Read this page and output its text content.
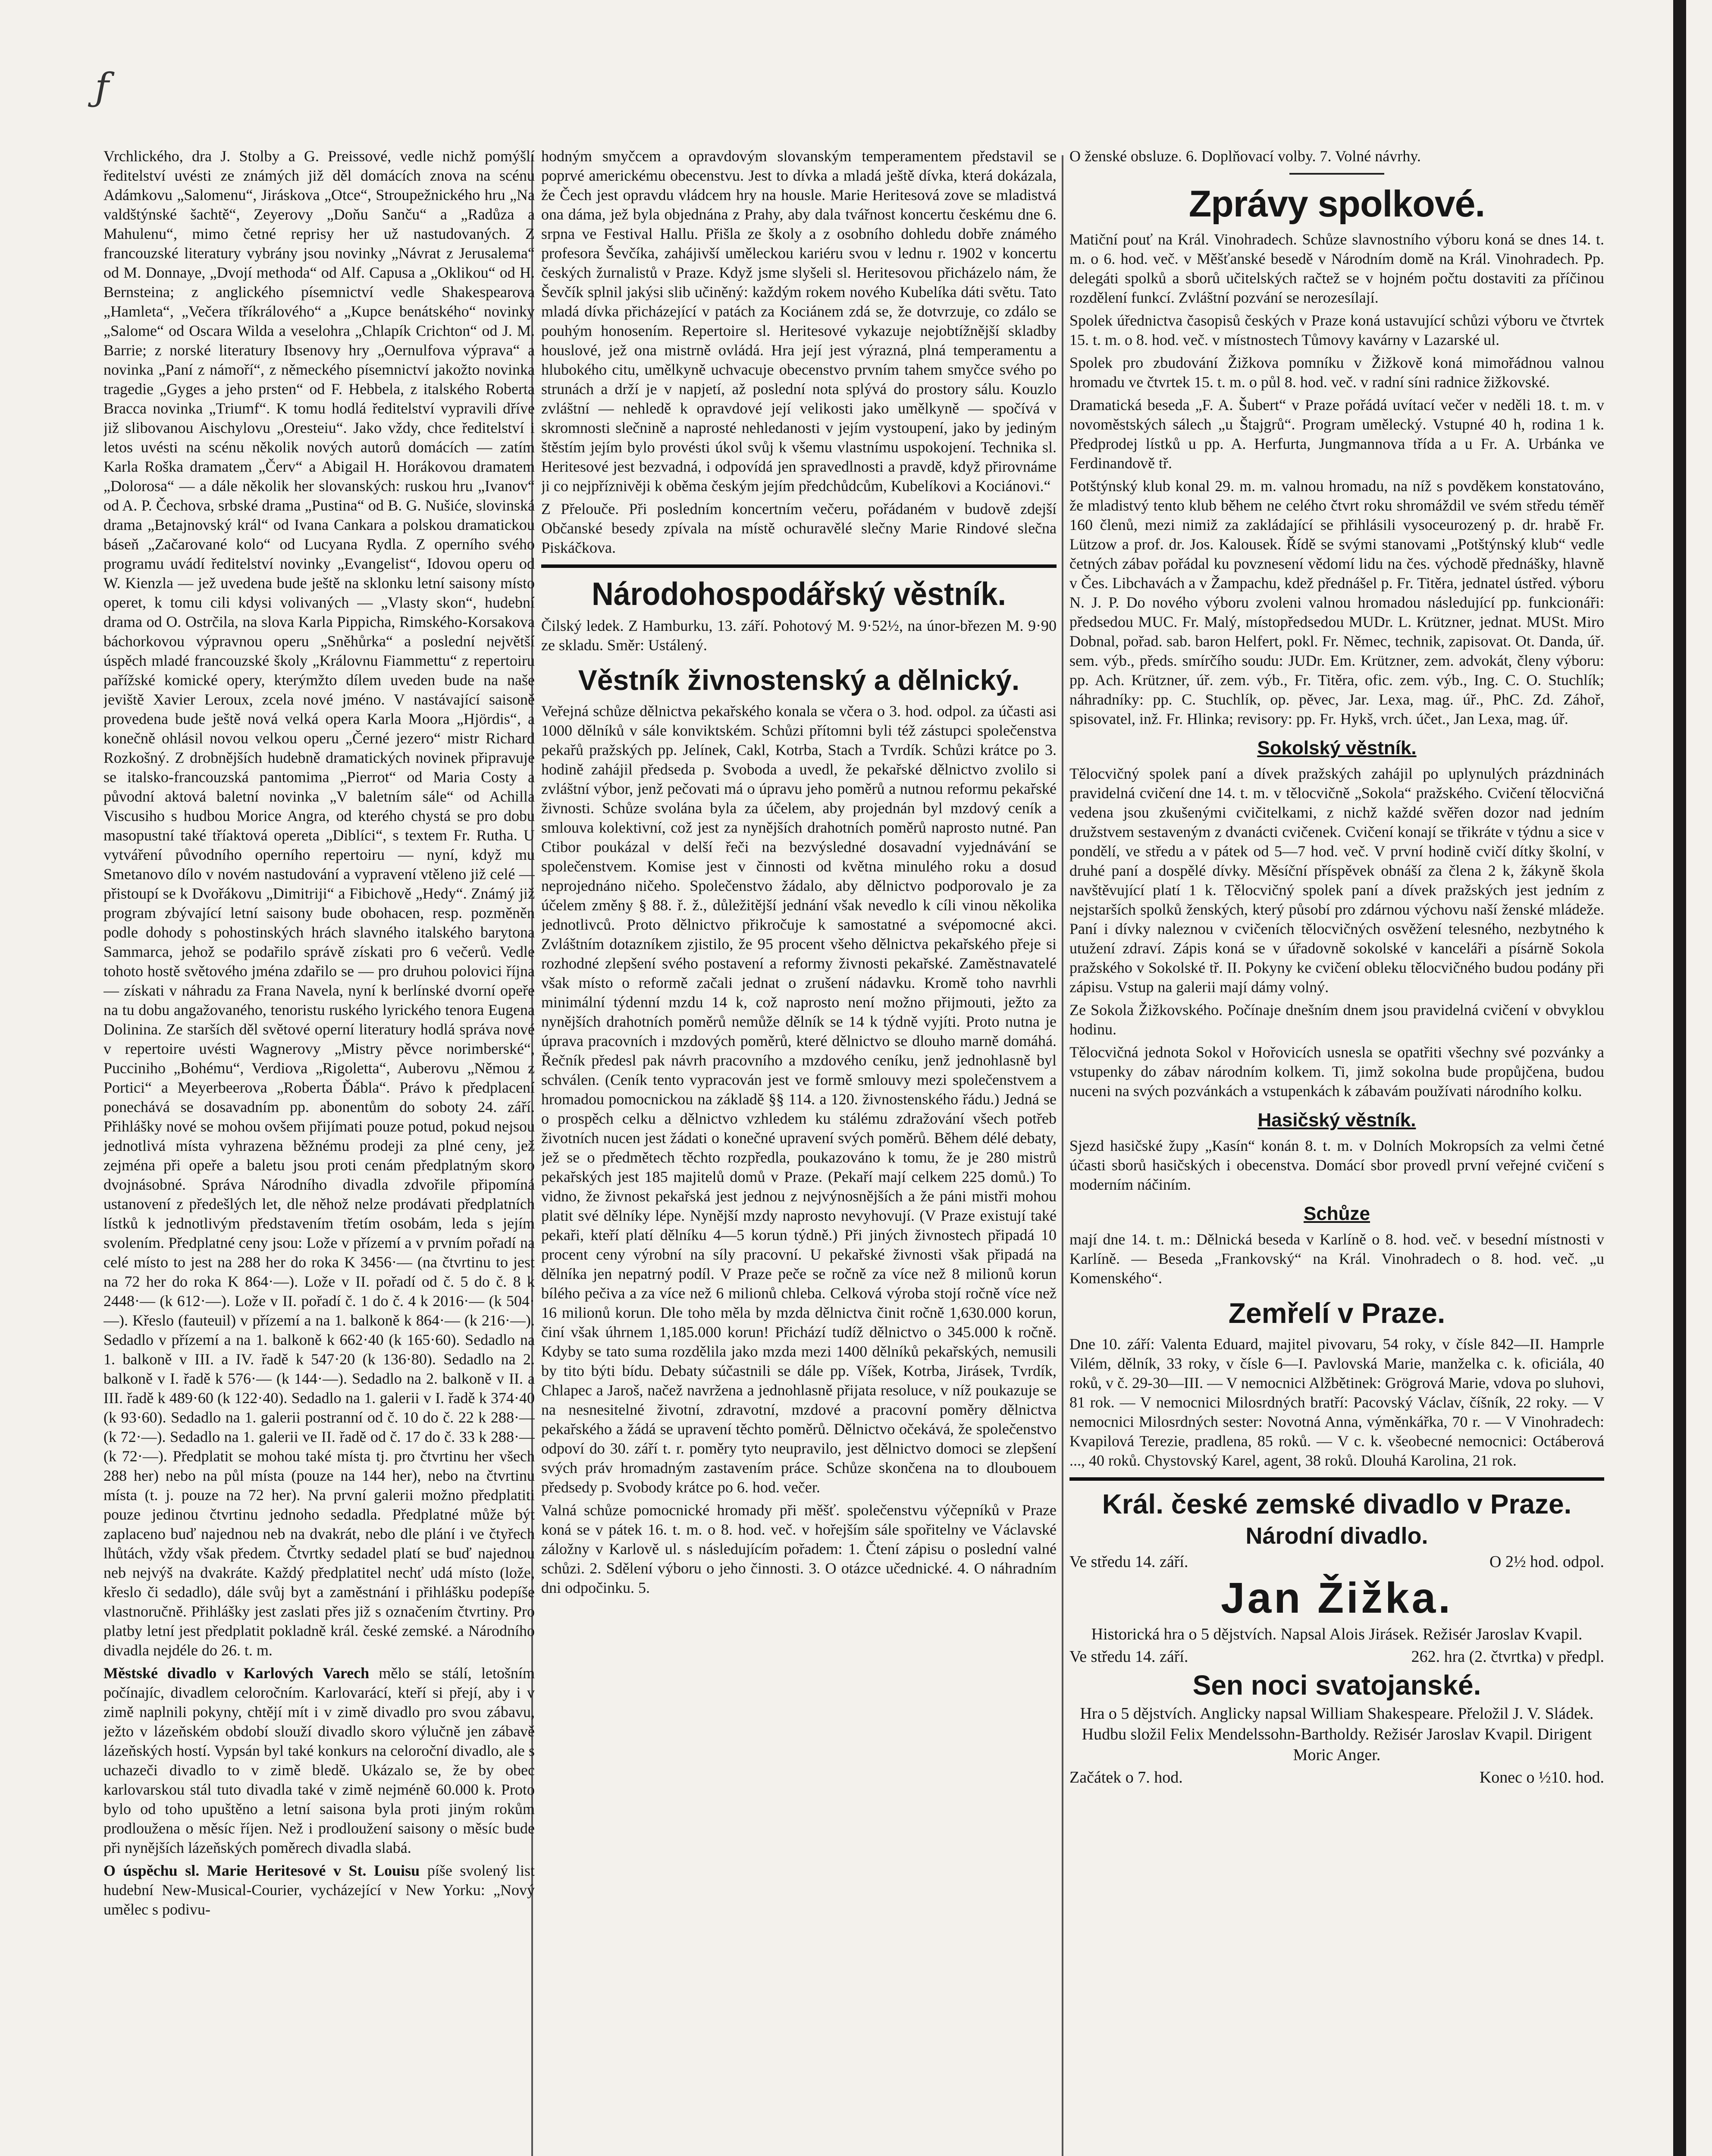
ƒ

Vrchlického, dra J. Stolby a G. Preissové, vedle nichž pomýšlí ředitelství uvésti ze známých již děl domácích znova na scénu Adámkovu „Salomenu“, Jiráskova „Otce“, Stroupežnického hru „Na valdštýnské šachtě“, Zeyerovy „Doňu Sanču“ a „Radůza a Mahulenu“, mimo četné reprisy her už nastudovaných. Z francouzské literatury vybrány jsou novinky „Návrat z Jerusalema“ od M. Donnaye, „Dvojí methoda“ od Alf. Capusa a „Oklikou“ od H. Bernsteina; z anglického písemnictví vedle Shakespearova „Hamleta“, „Večera tříkrálového“ a „Kupce benátského“ novinky „Salome“ od Oscara Wilda a veselohra „Chlapík Crichton“ od J. M. Barrie; z norské literatury Ibsenovy hry „Oernulfova výprava“ a novinka „Paní z námoří“, z německého písemnictví jakožto novinka tragedie „Gyges a jeho prsten“ od F. Hebbela, z italského Roberta Bracca novinka „Triumf“. K tomu hodlá ředitelství vypravili dříve již slibovanou Aischylovu „Oresteiu“. Jako vždy, chce ředitelství i letos uvésti na scénu několik nových autorů domácích — zatím Karla Roška dramatem „Červ“ a Abigail H. Horákovou dramatem „Dolorosa“ — a dále několik her slovanských: ruskou hru „Ivanov“ od A. P. Čechova, srbské drama „Pustina“ od B. G. Nušiće, slovinská drama „Betajnovský král“ od Ivana Cankara a polskou dramatickou báseň „Začarované kolo“ od Lucyana Rydla. Z operního svého programu uvádí ředitelství novinky „Evangelist“, Idovou operu od W. Kienzla — jež uvedena bude ještě na sklonku letní saisony místo operet, k tomu cili kdysi volivaných — „Vlasty skon“, hudební drama od O. Ostrčila, na slova Karla Pippicha, Rimského-Korsakova báchorkovou výpravnou operu „Sněhůrka“ a poslední největší úspěch mladé francouzské školy „Královnu Fiammettu“ z repertoiru pařížské komické opery, kterýmžto dílem uveden bude na naše jeviště Xavier Leroux, zcela nové jméno. V nastávající saisoně provedena bude ještě nová velká opera Karla Moora „Hjördis“, a konečně ohlásil novou velkou operu „Černé jezero“ mistr Richard Rozkošný. Z drobnějších hudebně dramatických novinek připravuje se italsko-francouzská pantomima „Pierrot“ od Maria Costy a původní aktová baletní novinka „V baletním sále“ od Achilla Viscusiho s hudbou Morice Angra, od kterého chystá se pro dobu masopustní také tříaktová opereta „Diblíci“, s textem Fr. Rutha. U vytváření původního operního repertoiru — nyní, když mu Smetanovo dílo v novém nastudování a vypravení vtěleno již celé — přistoupí se k Dvořákovu „Dimitriji“ a Fibichově „Hedy“. Známý již program zbývající letní saisony bude obohacen, resp. pozměněn podle dohody s pohostinských hrách slavného italského barytona Sammarca, jehož se podařilo správě získati pro 6 večerů. Vedle tohoto hostě světového jména zdařilo se — pro druhou polovici října — získati v náhradu za Frana Navela, nyní k berlínské dvorní opeře na tu dobu angažovaného, tenoristu ruského lyrického tenora Eugena Dolinina. Ze starších děl světové operní literatury hodlá správa nové v repertoire uvésti Wagnerovy „Mistry pěvce norimberské“, Pucciniho „Bohému“, Verdiova „Rigoletta“, Auberovu „Němou z Portici“ a Meyerbeerova „Roberta Ďábla“. Právo k předplacení ponechává se dosavadním pp. abonentům do soboty 24. září. Přihlášky nové se mohou ovšem přijímati pouze potud, pokud nejsou jednotlivá místa vyhrazena běžnému prodeji za plné ceny, jež zejména při opeře a baletu jsou proti cenám předplatným skoro dvojnásobné. Správa Národního divadla zdvořile připomíná ustanovení z předešlých let, dle něhož nelze prodávati předplatních lístků k jednotlivým představením třetím osobám, leda s jejím svolením. Předplatné ceny jsou: Lože v přízemí a v prvním pořadí na celé místo to jest na 288 her do roka K 3456·— (na čtvrtinu to jest na 72 her do roka K 864·—). Lože v II. pořadí od č. 5 do č. 8 k 2448·— (k 612·—). Lože v II. pořadí č. 1 do č. 4 k 2016·— (k 504·—). Křeslo (fauteuil) v přízemí a na 1. balkoně k 864·— (k 216·—). Sedadlo v přízemí a na 1. balkoně k 662·40 (k 165·60). Sedadlo na 1. balkoně v III. a IV. řadě k 547·20 (k 136·80). Sedadlo na 2. balkoně v I. řadě k 576·— (k 144·—). Sedadlo na 2. balkoně v II. a III. řadě k 489·60 (k 122·40). Sedadlo na 1. galerii v I. řadě k 374·40 (k 93·60). Sedadlo na 1. galerii postranní od č. 10 do č. 22 k 288·— (k 72·—). Sedadlo na 1. galerii ve II. řadě od č. 17 do č. 33 k 288·— (k 72·—). Předplatit se mohou také místa tj. pro čtvrtinu her všech 288 her) nebo na půl místa (pouze na 144 her), nebo na čtvrtinu místa (t. j. pouze na 72 her). Na první galerii možno předplatiti pouze jedinou čtvrtinu jednoho sedadla. Předplatné může být zaplaceno buď najednou neb na dvakrát, nebo dle plání i ve čtyřech lhůtách, vždy však předem. Čtvrtky sedadel platí se buď najednou neb nejvýš na dvakráte. Každý předplatitel nechť udá místo (lože, křeslo či sedadlo), dále svůj byt a zaměstnání i přihlášku podepíše vlastnoručně. Přihlášky jest zaslati přes již s označením čtvrtiny. Pro platby letní jest předplatit pokladně král. české zemské. a Národního divadla nejdéle do 26. t. m.

Městské divadlo v Karlových Varech mělo se stálí, letošním počínajíc, divadlem celoročním. Karlovarácí, kteří si přejí, aby i v zimě naplnili pokyny, chtějí mít i v zimě divadlo pro svou zábavu, ježto v lázeňském období slouží divadlo skoro výlučně jen zábavě lázeňských hostí. Vypsán byl také konkurs na celoroční divadlo, ale s uchazeči divadlo to v zimě bledě. Ukázalo se, že by obec karlovarskou stál tuto divadla také v zimě nejméně 60.000 k. Proto bylo od toho upuštěno a letní saisona byla proti jiným rokům prodloužena o měsíc říjen. Než i prodloužení saisony o měsíc bude při nynějších lázeňských poměrech divadla slabá.

O úspěchu sl. Marie Heritesové v St. Louisu píše svolený list hudební New-Musical-Courier, vycházející v New Yorku: „Nový umělec s podivu-

hodným smyčcem a opravdovým slovanským temperamentem představil se poprvé americkému obecenstvu. Jest to dívka a mladá ještě dívka, která dokázala, že Čech jest opravdu vládcem hry na housle. Marie Heritesová zove se mladistvá ona dáma, jež byla objednána z Prahy, aby dala tvářnost koncertu českému dne 6. srpna ve Festival Hallu. Přišla ze školy a z osobního dohledu dobře známého profesora Ševčíka, zahájivší uměleckou kariéru svou v lednu r. 1902 v koncertu českých žurnalistů v Praze. Když jsme slyšeli sl. Heritesovou přicházelo nám, že Ševčík splnil jakýsi slib učiněný: každým rokem nového Kubelíka dáti světu. Tato mladá dívka přicházející v patách za Kociánem zdá se, že dotvrzuje, co zdálo se pouhým honosením. Repertoire sl. Heritesové vykazuje nejobtížnější skladby houslové, jež ona mistrně ovládá. Hra její jest výrazná, plná temperamentu a hlubokého citu, umělkyně uchvacuje obecenstvo prvním tahem smyčce svého po strunách a drží je v napjetí, až poslední nota splývá do prostory sálu. Kouzlo zvláštní — nehledě k opravdové její velikosti jako umělkyně — spočívá v skromnosti slečnině a naprosté nehledanosti v jejím vystoupení, jako by jediným štěstím jejím bylo provésti úkol svůj k všemu vlastnímu uspokojení. Technika sl. Heritesové jest bezvadná, i odpovídá jen spravedlnosti a pravdě, když přirovnáme ji co nejpříznivěji k oběma českým jejím předchůdcům, Kubelíkovi a Kociánovi.“

Z Přelouče. Při posledním koncertním večeru, pořádaném v budově zdejší Občanské besedy zpívala na místě ochuravělé slečny Marie Rindové slečna Piskáčkova.

Národohospodářský věstník.

Čilský ledek. Z Hamburku, 13. září. Pohotový M. 9·52½, na únor-březen M. 9·90 ze skladu. Směr: Ustálený.

Věstník živnostenský a dělnický.

Veřejná schůze dělnictva pekařského konala se včera o 3. hod. odpol. za účasti asi 1000 dělníků v sále konviktském. Schůzi přítomni byli též zástupci společenstva pekařů pražských pp. Jelínek, Cakl, Kotrba, Stach a Tvrdík. Schůzi krátce po 3. hodině zahájil předseda p. Svoboda a uvedl, že pekařské dělnictvo zvolilo si zvláštní výbor, jenž pečovati má o úpravu jeho poměrů a nutnou reformu pekařské živnosti. Schůze svolána byla za účelem, aby projednán byl mzdový ceník a smlouva kolektivní, což jest za nynějších drahotních poměrů naprosto nutné. Pan Ctibor poukázal v delší řeči na bezvýsledné dosavadní vyjednávání se společenstvem. Komise jest v činnosti od května minulého roku a dosud neprojednáno ničeho. Společenstvo žádalo, aby dělnictvo podporovalo je za účelem změny § 88. ř. ž., důležitější jednání však nevedlo k cíli vinou několika jednotlivců. Proto dělnictvo přikročuje k samostatné a svépomocné akci. Zvláštním dotazníkem zjistilo, že 95 procent všeho dělnictva pekařského přeje si rozhodné zlepšení svého postavení a reformy živnosti pekařské. Zaměstnavatelé však místo o reformě začali jednat o zrušení nádavku. Kromě toho navrhli minimální týdenní mzdu 14 k, což naprosto není možno přijmouti, ježto za nynějších drahotních poměrů nemůže dělník se 14 k týdně vyjíti. Proto nutna je úprava pracovních i mzdových poměrů, které dělnictvo se dlouho marně domáhá. Řečník předesl pak návrh pracovního a mzdového ceníku, jenž jednohlasně byl schválen. (Ceník tento vypracován jest ve formě smlouvy mezi společenstvem a hromadou pomocnickou na základě §§ 114. a 120. živnostenského řádu.) Jedná se o prospěch celku a dělnictvo vzhledem ku stálému zdražování všech potřeb životních nucen jest žádati o konečné upravení svých poměrů. Během délé debaty, jež se o předmětech těchto rozpředla, poukazováno k tomu, že je 280 mistrů pekařských jest 185 majitelů domů v Praze. (Pekaří mají celkem 225 domů.) To vidno, že živnost pekařská jest jednou z nejvýnosnějších a že páni mistři mohou platit své dělníky lépe. Nynější mzdy naprosto nevyhovují. (V Praze existují také pekaři, kteří platí dělníku 4—5 korun týdně.) Při jiných živnostech připadá 10 procent ceny výrobní na síly pracovní. U pekařské živnosti však připadá na dělníka jen nepatrný podíl. V Praze peče se ročně za více než 8 milionů korun bílého pečiva a za více než 6 milionů chleba. Celková výroba stojí ročně více než 16 milionů korun. Dle toho měla by mzda dělnictva činit ročně 1,630.000 korun, činí však úhrnem 1,185.000 korun! Přichází tudíž dělnictvo o 345.000 k ročně. Kdyby se tato suma rozdělila jako mzda mezi 1400 dělníků pekařských, nemusili by tito býti bídu. Debaty súčastnili se dále pp. Víšek, Kotrba, Jirásek, Tvrdík, Chlapec a Jaroš, načež navržena a jednohlasně přijata resoluce, v níž poukazuje se na nesnesitelné životní, zdravotní, mzdové a pracovní poměry dělnictva pekařského a žádá se upravení těchto poměrů. Dělnictvo očekává, že společenstvo odpoví do 30. září t. r. poměry tyto neupravilo, jest dělnictvo domoci se zlepšení svých práv hromadným zastavením práce. Schůze skončena na to dloubouem předsedy p. Svobody krátce po 6. hod. večer.

Valná schůze pomocnické hromady při měšť. společenstvu výčepníků v Praze koná se v pátek 16. t. m. o 8. hod. več. v hořejším sále spořitelny ve Václavské záložny v Karlově ul. s následujícím pořadem: 1. Čtení zápisu o poslední valné schůzi. 2. Sdělení výboru o jeho činnosti. 3. O otázce učednické. 4. O náhradním dni odpočinku. 5.

O ženské obsluze. 6. Doplňovací volby. 7. Volné návrhy.

Zprávy spolkové.

Matiční pouť na Král. Vinohradech. Schůze slavnostního výboru koná se dnes 14. t. m. o 6. hod. več. v Měšťanské besedě v Národním domě na Král. Vinohradech. Pp. delegáti spolků a sborů učitelských račtež se v hojném počtu dostaviti za příčinou rozdělení funkcí. Zvláštní pozvání se nerozesílají.

Spolek úřednictva časopisů českých v Praze koná ustavující schůzi výboru ve čtvrtek 15. t. m. o 8. hod. več. v místnostech Tůmovy kavárny v Lazarské ul.

Spolek pro zbudování Žižkova pomníku v Žižkově koná mimořádnou valnou hromadu ve čtvrtek 15. t. m. o půl 8. hod. več. v radní síni radnice žižkovské.

Dramatická beseda „F. A. Šubert“ v Praze pořádá uvítací večer v neděli 18. t. m. v novoměstských sálech „u Štajgrů“. Program umělecký. Vstupné 40 h, rodina 1 k. Předprodej lístků u pp. A. Herfurta, Jungmannova třída a u Fr. A. Urbánka ve Ferdinandově tř.

Potštýnský klub konal 29. m. m. valnou hromadu, na níž s povděkem konstatováno, že mladistvý tento klub během ne celého čtvrt roku shromáždil ve svém středu téměř 160 členů, mezi nimiž za zakládající se přihlásili vysoceurozený p. dr. hrabě Fr. Lützow a prof. dr. Jos. Kalousek. Řídě se svými stanovami „Potštýnský klub“ vedle četných zábav pořádal ku povznesení vědomí lidu na čes. východě přednášky, hlavně v Čes. Libchavách a v Žampachu, kdež přednášel p. Fr. Titěra, jednatel ústřed. výboru N. J. P. Do nového výboru zvoleni valnou hromadou následující pp. funkcionáři: předsedou MUC. Fr. Malý, místopředsedou MUDr. L. Krützner, jednat. MUSt. Miro Dobnal, pořad. sab. baron Helfert, pokl. Fr. Němec, technik, zapisovat. Ot. Danda, úř. sem. výb., předs. smírčího soudu: JUDr. Em. Krützner, zem. advokát, členy výboru: pp. Ach. Krützner, úř. zem. výb., Fr. Titěra, ofic. zem. výb., Ing. C. O. Stuchlík; náhradníky: pp. C. Stuchlík, op. pěvec, Jar. Lexa, mag. úř., PhC. Zd. Záhoř, spisovatel, inž. Fr. Hlinka; revisory: pp. Fr. Hykš, vrch. účet., Jan Lexa, mag. úř.

Sokolský věstník.

Tělocvičný spolek paní a dívek pražských zahájil po uplynulých prázdninách pravidelná cvičení dne 14. t. m. v tělocvičně „Sokola“ pražského. Cvičení tělocvičná vedena jsou zkušenými cvičitelkami, z nichž každé svěřen dozor nad jedním družstvem sestaveným z dvanácti cvičenek. Cvičení konají se třikráte v týdnu a sice v pondělí, ve středu a v pátek od 5—7 hod. več. V první hodině cvičí dítky školní, v druhé paní a dospělé dívky. Měsíční příspěvek obnáší za člena 2 k, žákyně škola navštěvující platí 1 k. Tělocvičný spolek paní a dívek pražských jest jedním z nejstarších spolků ženských, který působí pro zdárnou výchovu naší ženské mládeže. Paní i dívky naleznou v cvičeních tělocvičných osvěžení telesného, nezbytného k utužení zdraví. Zápis koná se v úřadovně sokolské v kanceláři a písárně Sokola pražského v Sokolské tř. II. Pokyny ke cvičení obleku tělocvičného budou podány při zápisu. Vstup na galerii mají dámy volný.

Ze Sokola Žižkovského. Počínaje dnešním dnem jsou pravidelná cvičení v obvyklou hodinu.

Tělocvičná jednota Sokol v Hořovicích usnesla se opatřiti všechny své pozvánky a vstupenky do zábav národním kolkem. Ti, jimž sokolna bude propůjčena, budou nuceni na svých pozvánkách a vstupenkách k zábavám používati národního kolku.

Hasičský věstník.

Sjezd hasičské župy „Kasín“ konán 8. t. m. v Dolních Mokropsích za velmi četné účasti sborů hasičských i obecenstva. Domácí sbor provedl první veřejné cvičení s moderním náčiním.

Schůze

mají dne 14. t. m.: Dělnická beseda v Karlíně o 8. hod. več. v besední místnosti v Karlíně. — Beseda „Frankovský“ na Král. Vinohradech o 8. hod. več. „u Komenského“.

Zemřelí v Praze.

Dne 10. září: Valenta Eduard, majitel pivovaru, 54 roky, v čísle 842—II. Hamprle Vilém, dělník, 33 roky, v čísle 6—I. Pavlovská Marie, manželka c. k. oficiála, 40 roků, v č. 29-30—III. — V nemocnici Alžbětinek: Grögrová Marie, vdova po sluhovi, 81 rok. — V nemocnici Milosrdných bratří: Pacovský Václav, číšník, 22 roky. — V nemocnici Milosrdných sester: Novotná Anna, výměnkářka, 70 r. — V Vinohradech: Kvapilová Terezie, pradlena, 85 roků. — V c. k. všeobecné nemocnici: Octáberová ..., 40 roků. Chystovský Karel, agent, 38 roků. Dlouhá Karolina, 21 rok.

Král. české zemské divadlo v Praze.
Národní divadlo.
Ve středu 14. září.	O 2½ hod. odpol.
Jan Žižka.
Historická hra o 5 dějstvích. Napsal Alois Jirásek. Režisér Jaroslav Kvapil.
Ve středu 14. září.	262. hra (2. čtvrtka) v předpl.
Sen noci svatojanské.
Hra o 5 dějstvích. Anglicky napsal William Shakespeare. Přeložil J. V. Sládek. Hudbu složil Felix Mendelssohn-Bartholdy. Režisér Jaroslav Kvapil. Dirigent Moric Anger.
Začátek o 7. hod.	Konec o ½10. hod.
